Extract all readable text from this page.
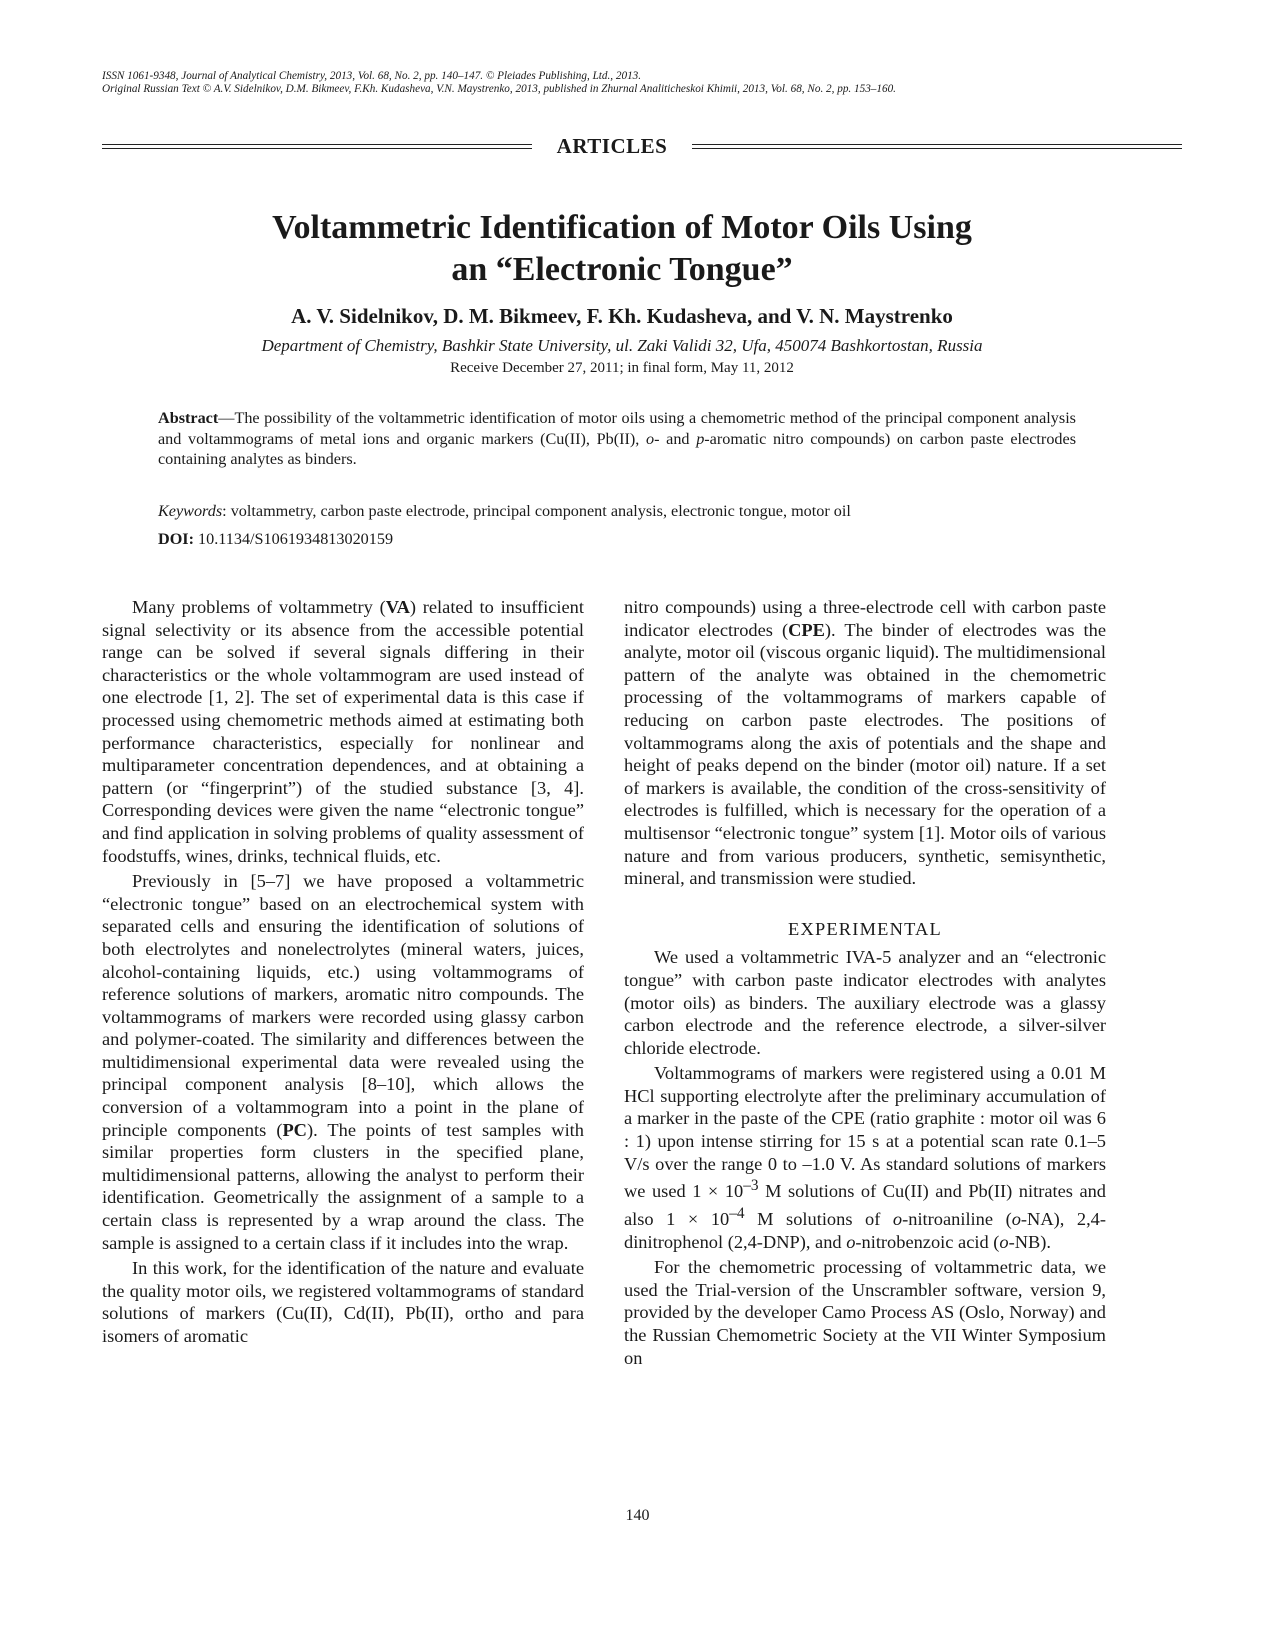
ISSN 1061-9348, Journal of Analytical Chemistry, 2013, Vol. 68, No. 2, pp. 140–147. © Pleiades Publishing, Ltd., 2013.
Original Russian Text © A.V. Sidelnikov, D.M. Bikmeev, F.Kh. Kudasheva, V.N. Maystrenko, 2013, published in Zhurnal Analiticheskoi Khimii, 2013, Vol. 68, No. 2, pp. 153–160.
ARTICLES
Voltammetric Identification of Motor Oils Using
an “Electronic Tongue”
A. V. Sidelnikov, D. M. Bikmeev, F. Kh. Kudasheva, and V. N. Maystrenko
Department of Chemistry, Bashkir State University, ul. Zaki Validi 32, Ufa, 450074 Bashkortostan, Russia
Receive December 27, 2011; in final form, May 11, 2012
Abstract—The possibility of the voltammetric identification of motor oils using a chemometric method of the principal component analysis and voltammograms of metal ions and organic markers (Cu(II), Pb(II), o- and p-aromatic nitro compounds) on carbon paste electrodes containing analytes as binders.
Keywords: voltammetry, carbon paste electrode, principal component analysis, electronic tongue, motor oil
DOI: 10.1134/S1061934813020159

Many problems of voltammetry (VA) related to insufficient signal selectivity or its absence from the accessible potential range can be solved if several signals differing in their characteristics or the whole voltammogram are used instead of one electrode [1, 2]. The set of experimental data is this case if processed using chemometric methods aimed at estimating both performance characteristics, especially for nonlinear and multiparameter concentration dependences, and at obtaining a pattern (or “fingerprint”) of the studied substance [3, 4]. Corresponding devices were given the name “electronic tongue” and find application in solving problems of quality assessment of foodstuffs, wines, drinks, technical fluids, etc.

Previously in [5–7] we have proposed a voltammetric “electronic tongue” based on an electrochemical system with separated cells and ensuring the identification of solutions of both electrolytes and nonelectrolytes (mineral waters, juices, alcohol-containing liquids, etc.) using voltammograms of reference solutions of markers, aromatic nitro compounds. The voltammograms of markers were recorded using glassy carbon and polymer-coated. The similarity and differences between the multidimensional experimental data were revealed using the principal component analysis [8–10], which allows the conversion of a voltammogram into a point in the plane of principle components (PC). The points of test samples with similar properties form clusters in the specified plane, multidimensional patterns, allowing the analyst to perform their identification. Geometrically the assignment of a sample to a certain class is represented by a wrap around the class. The sample is assigned to a certain class if it includes into the wrap.

In this work, for the identification of the nature and evaluate the quality motor oils, we registered voltammograms of standard solutions of markers (Cu(II), Cd(II), Pb(II), ortho and para isomers of aromatic

nitro compounds) using a three-electrode cell with carbon paste indicator electrodes (CPE). The binder of electrodes was the analyte, motor oil (viscous organic liquid). The multidimensional pattern of the analyte was obtained in the chemometric processing of the voltammograms of markers capable of reducing on carbon paste electrodes. The positions of voltammograms along the axis of potentials and the shape and height of peaks depend on the binder (motor oil) nature. If a set of markers is available, the condition of the cross-sensitivity of electrodes is fulfilled, which is necessary for the operation of a multisensor “electronic tongue” system [1]. Motor oils of various nature and from various producers, synthetic, semisynthetic, mineral, and transmission were studied.

EXPERIMENTAL

We used a voltammetric IVA-5 analyzer and an “electronic tongue” with carbon paste indicator electrodes with analytes (motor oils) as binders. The auxiliary electrode was a glassy carbon electrode and the reference electrode, a silver-silver chloride electrode.

Voltammograms of markers were registered using a 0.01 M HCl supporting electrolyte after the preliminary accumulation of a marker in the paste of the CPE (ratio graphite : motor oil was 6 : 1) upon intense stirring for 15 s at a potential scan rate 0.1–5 V/s over the range 0 to –1.0 V. As standard solutions of markers we used $1 \times 10^{-3}$ M solutions of Cu(II) and Pb(II) nitrates and also $1 \times 10^{-4}$ M solutions of o-nitroaniline (o-NA), 2,4-dinitrophenol (2,4-DNP), and o-nitrobenzoic acid (o-NB).

For the chemometric processing of voltammetric data, we used the Trial-version of the Unscrambler software, version 9, provided by the developer Camo Process AS (Oslo, Norway) and the Russian Chemometric Society at the VII Winter Symposium on

140
